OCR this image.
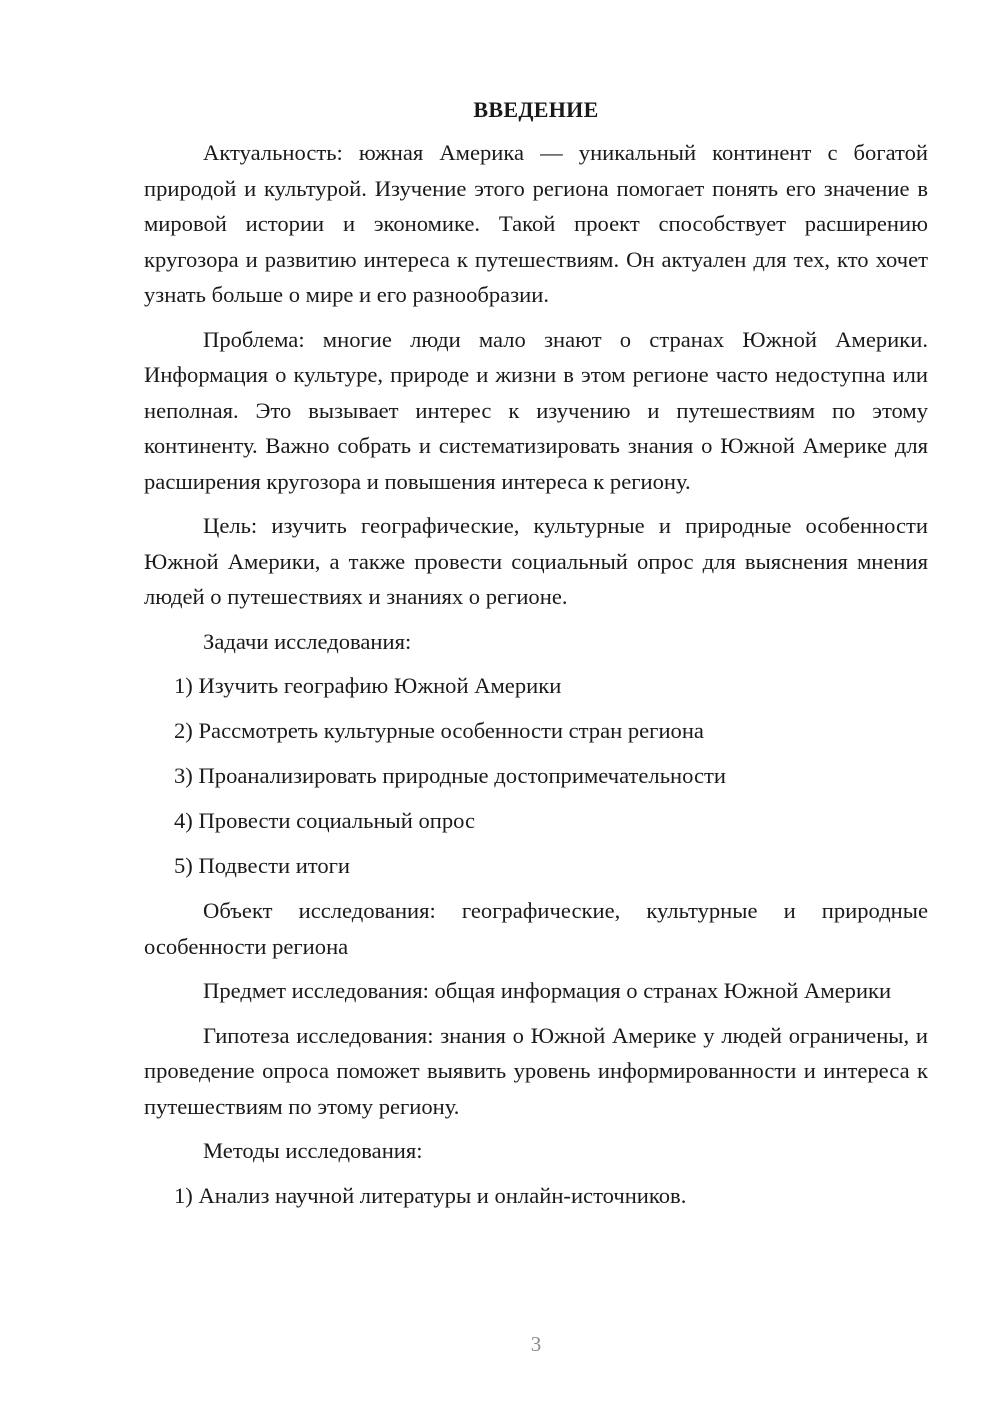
ВВЕДЕНИЕ

Актуальность: южная Америка — уникальный континент с богатой природой и культурой. Изучение этого региона помогает понять его значение в мировой истории и экономике. Такой проект способствует расширению кругозора и развитию интереса к путешествиям. Он актуален для тех, кто хочет узнать больше о мире и его разнообразии.

Проблема: многие люди мало знают о странах Южной Америки. Информация о культуре, природе и жизни в этом регионе часто недоступна или неполная. Это вызывает интерес к изучению и путешествиям по этому континенту. Важно собрать и систематизировать знания о Южной Америке для расширения кругозора и повышения интереса к региону.

Цель: изучить географические, культурные и природные особенности Южной Америки, а также провести социальный опрос для выяснения мнения людей о путешествиях и знаниях о регионе.

Задачи исследования:
1) Изучить географию Южной Америки
2) Рассмотреть культурные особенности стран региона
3) Проанализировать природные достопримечательности
4) Провести социальный опрос
5) Подвести итоги

Объект исследования: географические, культурные и природные особенности региона

Предмет исследования: общая информация о странах Южной Америки

Гипотеза исследования: знания о Южной Америке у людей ограничены, и проведение опроса поможет выявить уровень информированности и интереса к путешествиям по этому региону.

Методы исследования:
1) Анализ научной литературы и онлайн-источников.
3
